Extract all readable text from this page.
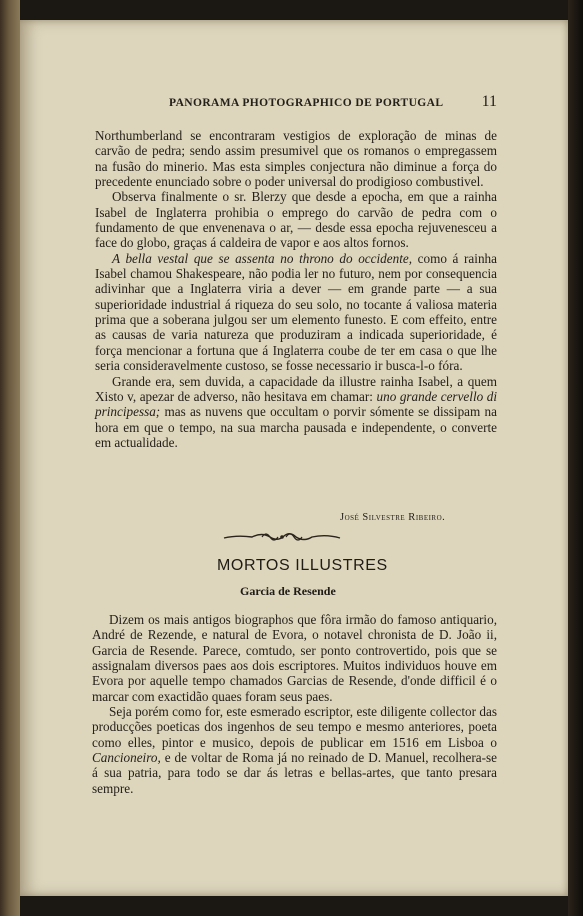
PANORAMA PHOTOGRAPHICO DE PORTUGAL 11

Northumberland se encontraram vestigios de exploração de minas de carvão de pedra; sendo assim presumivel que os romanos o empregassem na fusão do minerio. Mas esta simples conjectura não diminue a força do precedente enunciado sobre o poder universal do prodigioso combustivel.

Observa finalmente o sr. Blerzy que desde a epocha, em que a rainha Isabel de Inglaterra prohibia o emprego do carvão de pedra com o fundamento de que envenenava o ar, — desde essa epocha rejuvenesceu a face do globo, graças á caldeira de vapor e aos altos fornos.

A bella vestal que se assenta no throno do occidente, como á rainha Isabel chamou Shakespeare, não podia ler no futuro, nem por consequencia adivinhar que a Inglaterra viria a dever — em grande parte — a sua superioridade industrial á riqueza do seu solo, no tocante á valiosa materia prima que a soberana julgou ser um elemento funesto. E com effeito, entre as causas de varia natureza que produziram a indicada superioridade, é força mencionar a fortuna que á Inglaterra coube de ter em casa o que lhe seria consideravelmente custoso, se fosse necessario ir busca-l-o fóra.

Grande era, sem duvida, a capacidade da illustre rainha Isabel, a quem Xisto v, apezar de adverso, não hesitava em chamar: uno grande cervello di principessa; mas as nuvens que occultam o porvir sómente se dissipam na hora em que o tempo, na sua marcha pausada e independente, o converte em actualidade.

José Silvestre Ribeiro.
MORTOS ILLUSTRES
Garcia de Resende

Dizem os mais antigos biographos que fôra irmão do famoso antiquario, André de Rezende, e natural de Evora, o notavel chronista de D. João ii, Garcia de Resende. Parece, comtudo, ser ponto controvertido, pois que se assignalam diversos paes aos dois escriptores. Muitos individuos houve em Evora por aquelle tempo chamados Garcias de Resende, d'onde difficil é o marcar com exactidão quaes foram seus paes.

Seja porém como for, este esmerado escriptor, este diligente collector das producções poeticas dos ingenhos de seu tempo e mesmo anteriores, poeta como elles, pintor e musico, depois de publicar em 1516 em Lisboa o Cancioneiro, e de voltar de Roma já no reinado de D. Manuel, recolhera-se á sua patria, para todo se dar ás letras e bellas-artes, que tanto presara sempre.
